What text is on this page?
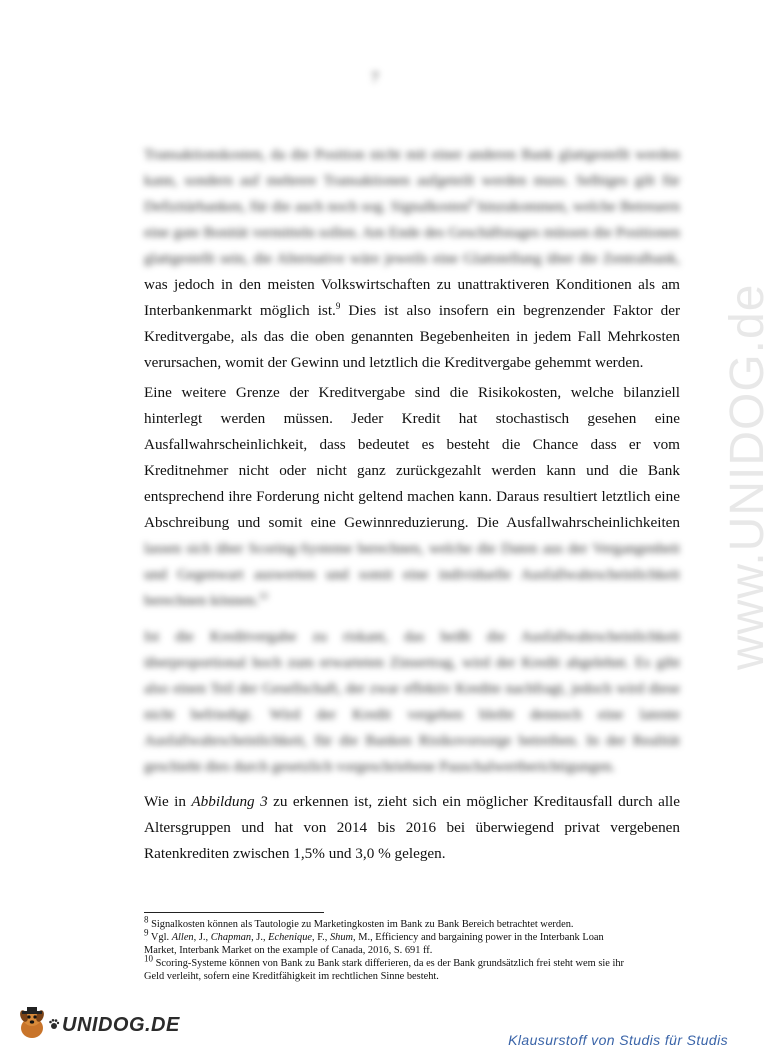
7
www.UNIDOG.de
Transaktionskosten, da die Position nicht mit einer anderen Bank glattgestellt werden
kann, sondern auf mehrere Transaktionen aufgeteilt werden muss. Selbiges gilt für
Defizitärbanken, für die auch noch sog. Signalkosten$^8$ hinzukommen, welche Betreuern
eine gute Bonität vermitteln sollen. Am Ende des Geschäftstages müssen die Positionen
glattgestellt sein, die Alternative wäre jeweils eine Glattstellung über die Zentralbank,
was jedoch in den meisten Volkswirtschaften zu unattraktiveren Konditionen als am
Interbankenmarkt möglich ist.$^9$ Dies ist also insofern ein begrenzender Faktor der
Kreditvergabe, als das die oben genannten Begebenheiten in jedem Fall Mehrkosten
verursachen, womit der Gewinn und letztlich die Kreditvergabe gehemmt werden.
Eine weitere Grenze der Kreditvergabe sind die Risikokosten, welche bilanziell
hinterlegt werden müssen. Jeder Kredit hat stochastisch gesehen eine
Ausfallwahrscheinlichkeit, dass bedeutet es besteht die Chance dass er vom
Kreditnehmer nicht oder nicht ganz zurückgezahlt werden kann und die Bank
entsprechend ihre Forderung nicht geltend machen kann. Daraus resultiert letztlich eine
Abschreibung und somit eine Gewinnreduzierung. Die Ausfallwahrscheinlichkeiten
lassen sich über Scoring-Systeme berechnen, welche die Daten aus der Vergangenheit
und Gegenwart auswerten und somit eine individuelle Ausfallwahrscheinlichkeit
berechnen können.$^{10}$
Ist die Kreditvergabe zu riskant, das heißt die Ausfallwahrscheinlichkeit
überproportional hoch zum erwarteten Zinsertrag, wird der Kredit abgelehnt. Es gibt
also einen Teil der Gesellschaft, der zwar effektiv Kredite nachfragt, jedoch wird diese
nicht befriedigt. Wird der Kredit vergeben bleibt dennoch eine latente
Ausfallwahrscheinlichkeit, für die Banken Risikovorsorge betreiben. In der Realität
geschieht dies durch gesetzlich vorgeschriebene Pauschalwertberichtigungen.
Wie in Abbildung 3 zu erkennen ist, zieht sich ein möglicher Kreditausfall durch alle
Altersgruppen und hat von 2014 bis 2016 bei überwiegend privat vergebenen
Ratenkrediten zwischen 1,5% und 3,0 % gelegen.
$^8$ Signalkosten können als Tautologie zu Marketingkosten im Bank zu Bank Bereich betrachtet werden.
$^9$ Vgl. Allen, J., Chapman, J., Echenique, F., Shum, M., Efficiency and bargaining power in the Interbank Loan
Market, Interbank Market on the example of Canada, 2016, S. 691 ff.
$^{10}$ Scoring-Systeme können von Bank zu Bank stark differieren, da es der Bank grundsätzlich frei steht wem sie ihr
Geld verleiht, sofern eine Kreditfähigkeit im rechtlichen Sinne besteht.
UNIDOG.DE
Klausurstoff von Studis für Studis
